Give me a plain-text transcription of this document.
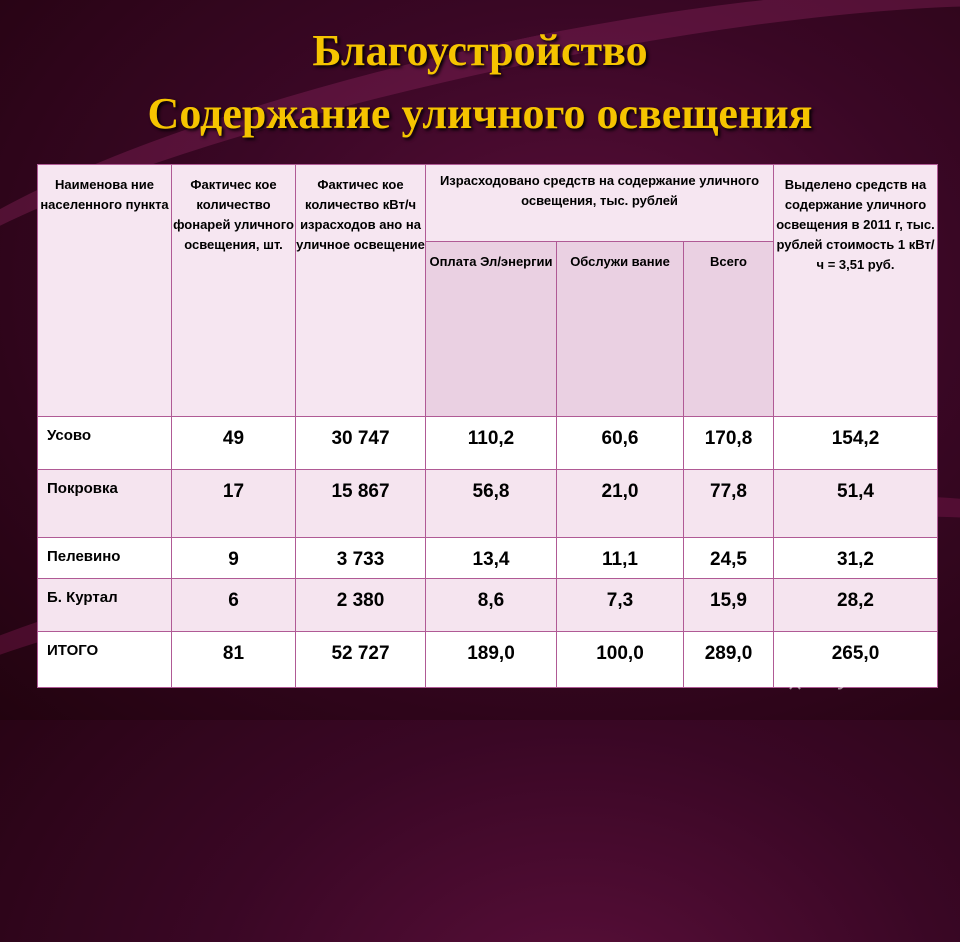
Благоустройство
Содержание уличного освещения
Наименова ние населенного пункта	Фактичес кое количество фонарей уличного освещения, шт.	Фактичес кое количество кВт/ч израсходов ано на уличное освещение	Израсходовано средств на содержание уличного освещения, тыс. рублей			Выделено средств на содержание уличного освещения в 2011 г, тыс. рублей стоимость 1 кВт/ч = 3,51 руб.
			Оплата Эл/энергии	Обслужи вание	Всего	
Усово	49	30 747	110,2	60,6	170,8	154,2
Покровка	17	15 867	56,8	21,0	77,8	51,4
Пелевино	9	3 733	13,4	11,1	24,5	31,2
Б. Куртал	6	2 380	8,6	7,3	15,9	28,2
ИТОГО	81	52 727	189,0	100,0	289,0	265,0
MyShared
